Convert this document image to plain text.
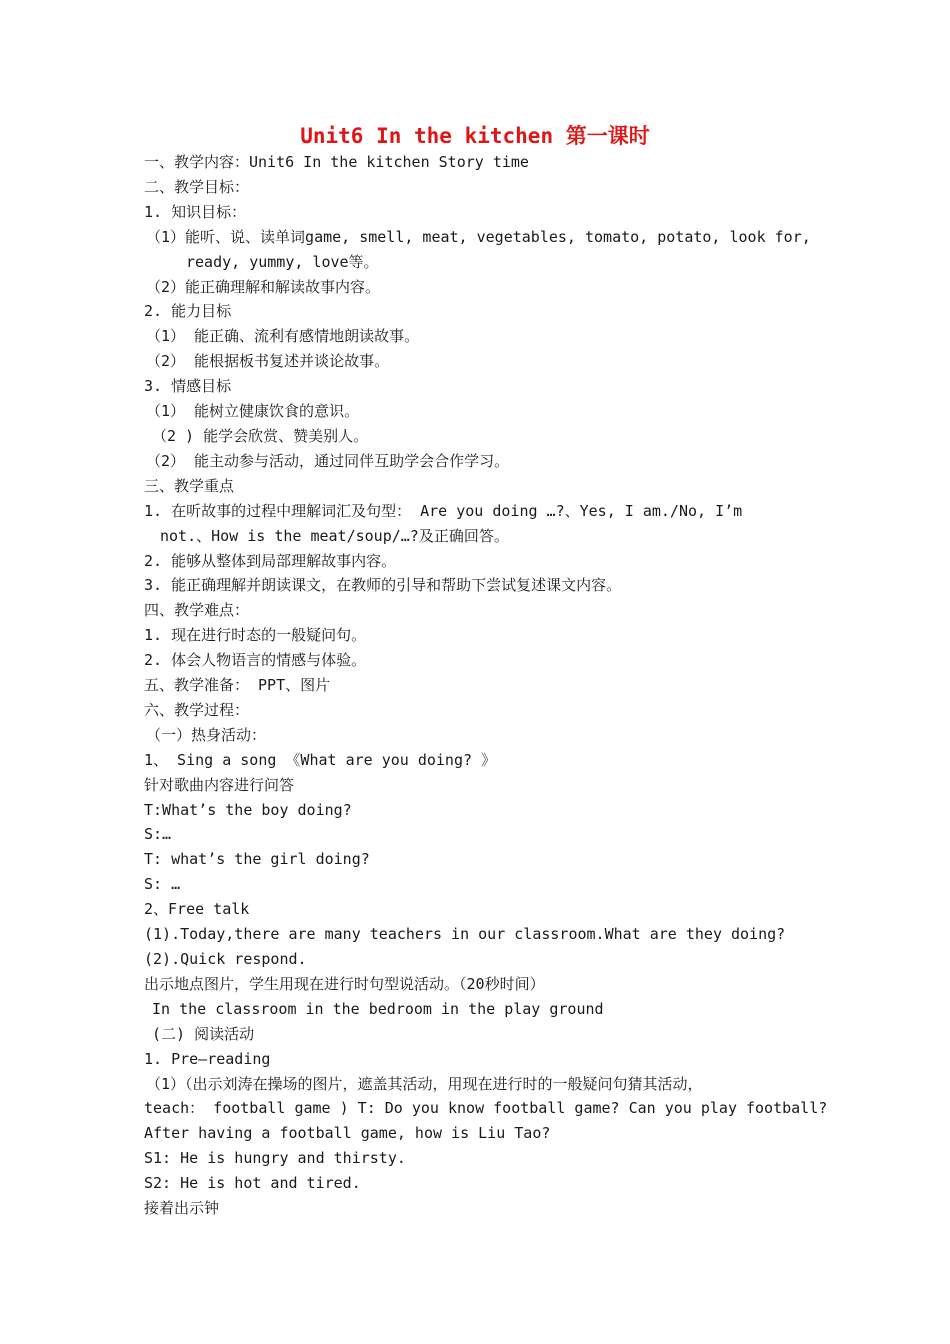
Unit6 In the kitchen 第一课时
一、教学内容：Unit6 In the kitchen Story time
二、教学目标：
1. 知识目标：
（1）能听、说、读单词game, smell, meat, vegetables, tomato, potato, look for,
ready, yummy, love等。
（2）能正确理解和解读故事内容。
2. 能力目标
（1） 能正确、流利有感情地朗读故事。
（2） 能根据板书复述并谈论故事。
3. 情感目标
（1） 能树立健康饮食的意识。
（2 ) 能学会欣赏、赞美别人。
（2） 能主动参与活动，通过同伴互助学会合作学习。
三、教学重点
1. 在听故事的过程中理解词汇及句型： Are you doing …?、Yes, I am./No, I’m
not.、How is the meat/soup/…?及正确回答。
2. 能够从整体到局部理解故事内容。
3. 能正确理解并朗读课文，在教师的引导和帮助下尝试复述课文内容。
四、教学难点：
1. 现在进行时态的一般疑问句。
2. 体会人物语言的情感与体验。
五、教学准备： PPT、图片
六、教学过程：
（一）热身活动：
1、 Sing a song 《What are you doing? 》
针对歌曲内容进行问答
T:What’s the boy doing?
S:…
T: what’s the girl doing?
S: …
2、Free talk
(1).Today,there are many teachers in our classroom.What are they doing?
(2).Quick respond.
出示地点图片，学生用现在进行时句型说活动。（20秒时间）
In the classroom in the bedroom in the play ground
(二) 阅读活动
1. Pre—reading
（1）（出示刘涛在操场的图片，遮盖其活动，用现在进行时的一般疑问句猜其活动，
teach： football game ) T: Do you know football game? Can you play football?
After having a football game, how is Liu Tao?
S1: He is hungry and thirsty.
S2: He is hot and tired.
接着出示钟
